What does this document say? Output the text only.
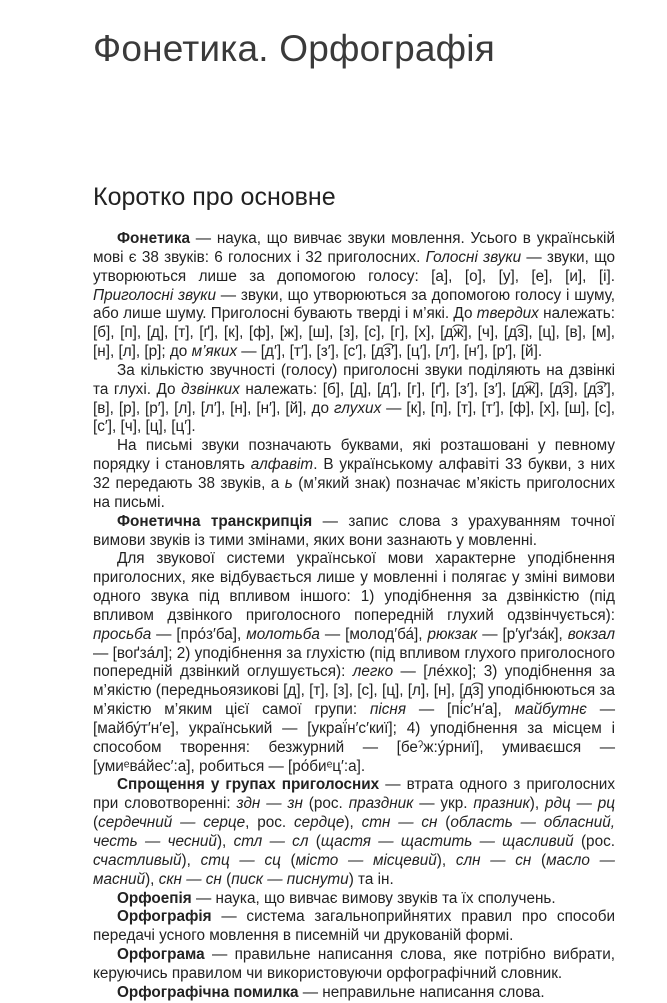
Фонетика. Орфографія
Коротко про основне

Фонетика — наука, що вивчає звуки мовлення. Усього в українській мові є 38 звуків: 6 голосних і 32 приголосних. Голосні звуки — звуки, що утворюються лише за допомогою голосу: [а], [о], [у], [е], [и], [і]. Приголосні звуки — звуки, що утворюються за допомогою голосу і шуму, або лише шуму. Приголосні бувають тверді і м’які. До твердих належать: [б], [п], [д], [т], [ґ], [к], [ф], [ж], [ш], [з], [с], [г], [х], [д͡ж], [ч], [д͡з], [ц], [в], [м], [н], [л], [р]; до м’яких — [д′], [т′], [з′], [с′], [д͡з′], [ц′], [л′], [н′], [р′], [й].

За кількістю звучності (голосу) приголосні звуки поділяють на дзвінкі та глухі. До дзвінких належать: [б], [д], [д′], [г], [ґ], [з′], [з′], [д͡ж], [д͡з], [д͡з′], [в], [р], [р′], [л], [л′], [н], [н′], [й], до глухих — [к], [п], [т], [т′], [ф], [х], [ш], [с], [с′], [ч], [ц], [ц′].

На письмі звуки позначають буквами, які розташовані у певному порядку і становлять алфавіт. В українському алфавіті 33 букви, з них 32 передають 38 звуків, а ь (м’який знак) позначає м’якість приголосних на письмі.

Фонетична транскрипція — запис слова з урахуванням точної вимови звуків із тими змінами, яких вони зазнають у мовленні.

Для звукової системи української мови характерне уподібнення приголосних, яке відбувається лише у мовленні і полягає у зміні вимови одного звука під впливом іншого: 1) уподібнення за дзвінкістю (під впливом дзвінкого приголосного попередній глухий одзвінчується): просьба — [про́з′ба], молотьба — [молод′ба́], рюкзак — [р′уґза́к], вокзал — [воґза́л]; 2) уподібнення за глухістю (під впливом глухого приголосного попередній дзвінкий оглушується): легко — [ле́хко]; 3) уподібнення за м’якістю (передньоязикові [д], [т], [з], [с], [ц], [л], [н], [д͡з] уподібнюються за м’якістю м’яким цієї самої групи: пісня — [пі́с′н′а], майбутнє — [майбу́т′н′е], український — [украї́н′с′киї]; 4) уподібнення за місцем і способом творення: безжурний — [беˀж:у́рниї], умиваєшся — [умиᵉва́йес′:а], робиться — [ро́биᵉц′:а].

Спрощення у групах приголосних — втрата одного з приголосних при словотворенні: здн — зн (рос. праздник — укр. празник), рдц — рц (сердечний — серце, рос. сердце), стн — сн (область — обласний, честь — чесний), стл — сл (щастя — щастить — щасливий (рос. счастливый), стц — сц (місто — місцевий), слн — сн (масло — масний), скн — сн (писк — писнути) та ін.

Орфоепія — наука, що вивчає вимову звуків та їх сполучень.

Орфографія — система загальноприйнятих правил про способи передачі усного мовлення в писемній чи друкованій формі.

Орфограма — правильне написання слова, яке потрібно вибрати, керуючись правилом чи використовуючи орфографічний словник.

Орфографічна помилка — неправильне написання слова.
